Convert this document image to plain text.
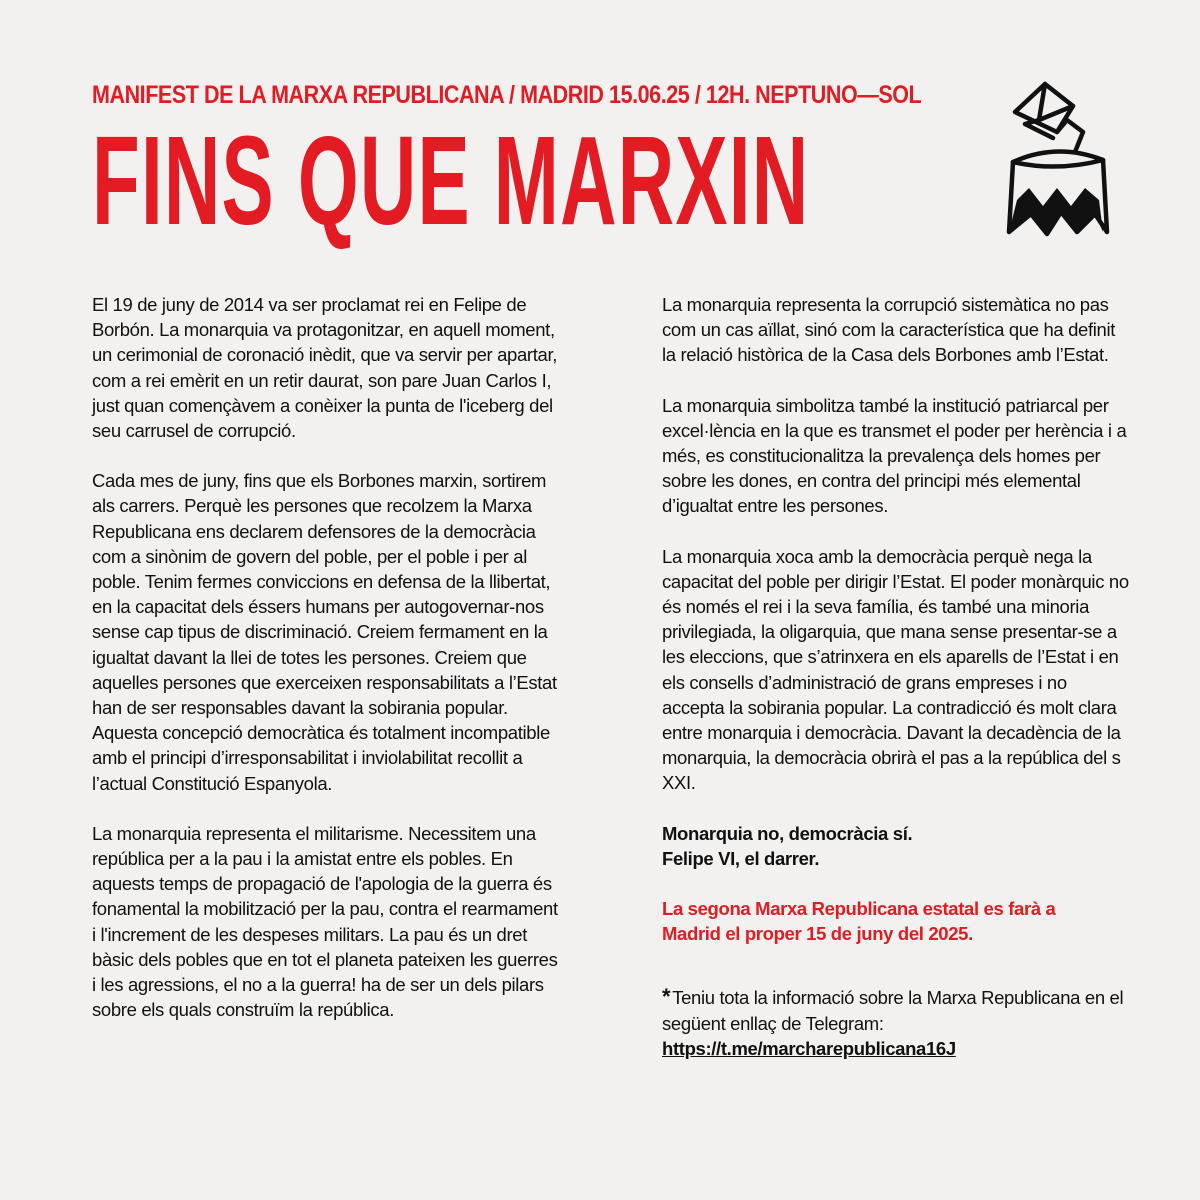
MANIFEST DE LA MARXA REPUBLICANA / MADRID 15.06.25 / 12H. NEPTUNO—SOL
FINS QUE MARXIN

El 19 de juny de 2014 va ser proclamat rei en Felipe de Borbón. La monarquia va protagonitzar, en aquell moment, un cerimonial de coronació inèdit, que va servir per apartar, com a rei emèrit en un retir daurat, son pare Juan Carlos I, just quan començàvem a conèixer la punta de l'iceberg del seu carrusel de corrupció.

Cada mes de juny, fins que els Borbones marxin, sortirem als carrers. Perquè les persones que recolzem la Marxa Republicana ens declarem defensores de la democràcia com a sinònim de govern del poble, per el poble i per al poble. Tenim fermes conviccions en defensa de la llibertat, en la capacitat dels éssers humans per autogovernar-nos sense cap tipus de discriminació. Creiem fermament en la igualtat davant la llei de totes les persones. Creiem que aquelles persones que exerceixen responsabilitats a l’Estat han de ser responsables davant la sobirania popular. Aquesta concepció democràtica és totalment incompatible amb el principi d’irresponsabilitat i inviolabilitat recollit a l’actual Constitució Espanyola.

La monarquia representa el militarisme. Necessitem una república per a la pau i la amistat entre els pobles. En aquests temps de propagació de l'apologia de la guerra és fonamental la mobilització per la pau, contra el rearmament i l'increment de les despeses militars. La pau és un dret bàsic dels pobles que en tot el planeta pateixen les guerres i les agressions, el no a la guerra! ha de ser un dels pilars sobre els quals construïm la república.

La monarquia representa la corrupció sistemàtica no pas com un cas aïllat, sinó com la característica que ha definit la relació històrica de la Casa dels Borbones amb l’Estat.

La monarquia simbolitza també la institució patriarcal per excel·lència en la que es transmet el poder per herència i a més, es constitucionalitza la prevalença dels homes per sobre les dones, en contra del principi més elemental d’igualtat entre les persones.

La monarquia xoca amb la democràcia perquè nega la capacitat del poble per dirigir l’Estat. El poder monàrquic no és només el rei i la seva família, és també una minoria privilegiada, la oligarquia, que mana sense presentar-se a les eleccions, que s’atrinxera en els aparells de l’Estat i en els consells d’administració de grans empreses i no accepta la sobirania popular. La contradicció és molt clara entre monarquia i democràcia. Davant la decadència de la monarquia, la democràcia obrirà el pas a la república del s XXI.

Monarquia no, democràcia sí.
Felipe VI, el darrer.

La segona Marxa Republicana estatal es farà a
Madrid el proper 15 de juny del 2025.

* Teniu tota la informació sobre la Marxa Republicana en el següent enllaç de Telegram:
https://t.me/marcharepublicana16J
